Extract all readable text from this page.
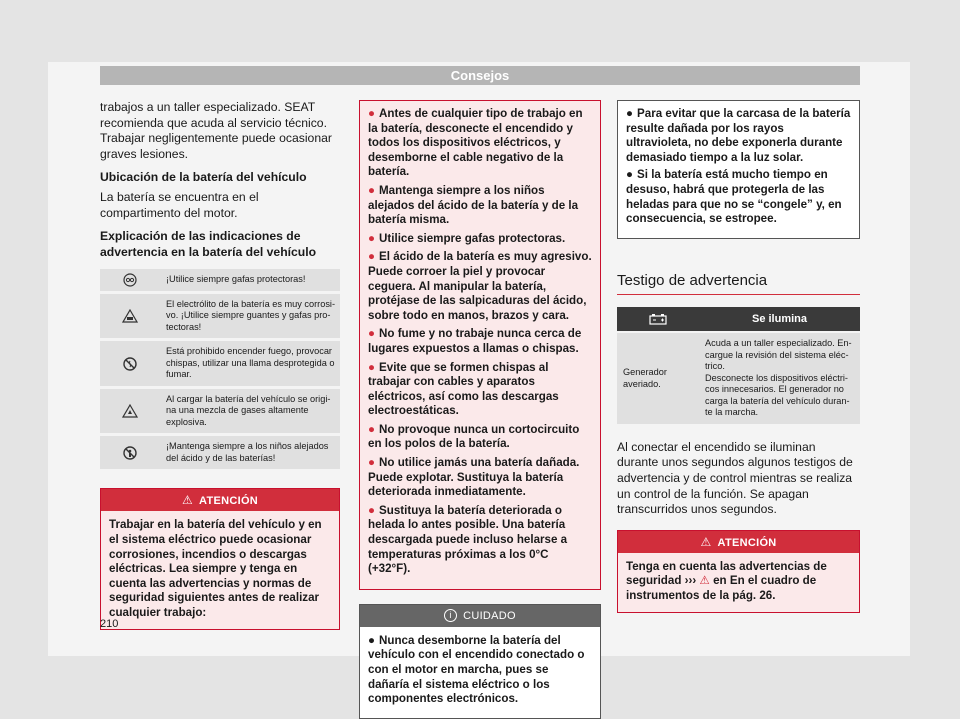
Consejos

trabajos a un taller especializado. SEAT recomienda que acuda al servicio técnico. Trabajar negligentemente puede ocasionar graves lesiones.

Ubicación de la batería del vehículo

La batería se encuentra en el compartimento del motor.

Explicación de las indicaciones de advertencia en la batería del vehículo

	¡Utilice siempre gafas protectoras!
	El electrólito de la batería es muy corrosivo. ¡Utilice siempre guantes y gafas protectoras!
	Está prohibido encender fuego, provocar chispas, utilizar una llama desprotegida o fumar.
	Al cargar la batería del vehículo se origina una mezcla de gases altamente explosiva.
	¡Mantenga siempre a los niños alejados del ácido y de las baterías!
⚠ ATENCIÓN
Trabajar en la batería del vehículo y en el sistema eléctrico puede ocasionar corrosiones, incendios o descargas eléctricas. Lea siempre y tenga en cuenta las advertencias y normas de seguridad siguientes antes de realizar cualquier trabajo:
● Antes de cualquier tipo de trabajo en la batería, desconecte el encendido y todos los dispositivos eléctricos, y desemborne el cable negativo de la batería.
● Mantenga siempre a los niños alejados del ácido de la batería y de la batería misma.
● Utilice siempre gafas protectoras.
● El ácido de la batería es muy agresivo. Puede corroer la piel y provocar ceguera. Al manipular la batería, protéjase de las salpicaduras del ácido, sobre todo en manos, brazos y cara.
● No fume y no trabaje nunca cerca de lugares expuestos a llamas o chispas.
● Evite que se formen chispas al trabajar con cables y aparatos eléctricos, así como las descargas electroestáticas.
● No provoque nunca un cortocircuito en los polos de la batería.
● No utilice jamás una batería dañada. Puede explotar. Sustituya la batería deteriorada inmediatamente.
● Sustituya la batería deteriorada o helada lo antes posible. Una batería descargada puede incluso helarse a temperaturas próximas a los 0°C (+32°F).
i CUIDADO
● Nunca desemborne la batería del vehículo con el encendido conectado o con el motor en marcha, pues se dañaría el sistema eléctrico o los componentes electrónicos.
● Para evitar que la carcasa de la batería resulte dañada por los rayos ultravioleta, no debe exponerla durante demasiado tiempo a la luz solar.
● Si la batería está mucho tiempo en desuso, habrá que protegerla de las heladas para que no se “congele” y, en consecuencia, se estropee.
Testigo de advertencia
	Se ilumina
Generador averiado.	Acuda a un taller especializado. Encargue la revisión del sistema eléctrico.
Desconecte los dispositivos eléctricos innecesarios. El generador no carga la batería del vehículo durante la marcha.

Al conectar el encendido se iluminan durante unos segundos algunos testigos de advertencia y de control mientras se realiza un control de la función. Se apagan transcurridos unos segundos.

⚠ ATENCIÓN
Tenga en cuenta las advertencias de seguridad ››› ⚠ en En el cuadro de instrumentos de la pág. 26.
210
